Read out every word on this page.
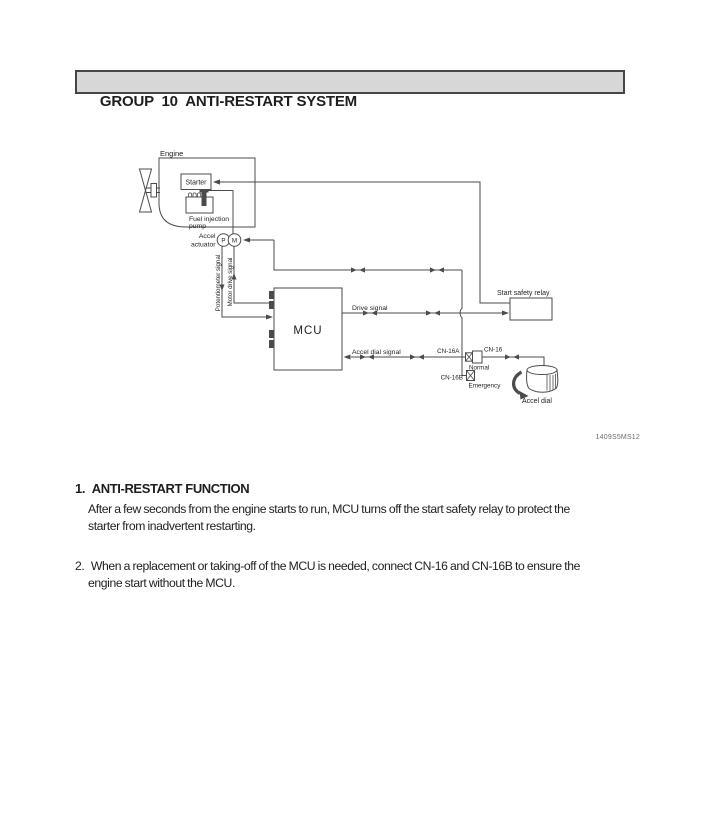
GROUP  10  ANTI-RESTART SYSTEM

Engine
Starter
Fuel injection
pump
P M
Accel
actuator
Potentiometer signal Motor drive signal
MCU
Drive signal
Accel dial signal
Start safety relay
CN-16A	CN-16
Normal
CN-16B
Emergency
Accel dial
1409S5MS12
1. ANTI-RESTART FUNCTION
After a few seconds from the engine starts to run, MCU turns off the start safety relay to protect the
starter from inadvertent restarting.
2. When a replacement or taking-off of the MCU is needed, connect CN-16 and CN-16B to ensure the
engine start without the MCU.
